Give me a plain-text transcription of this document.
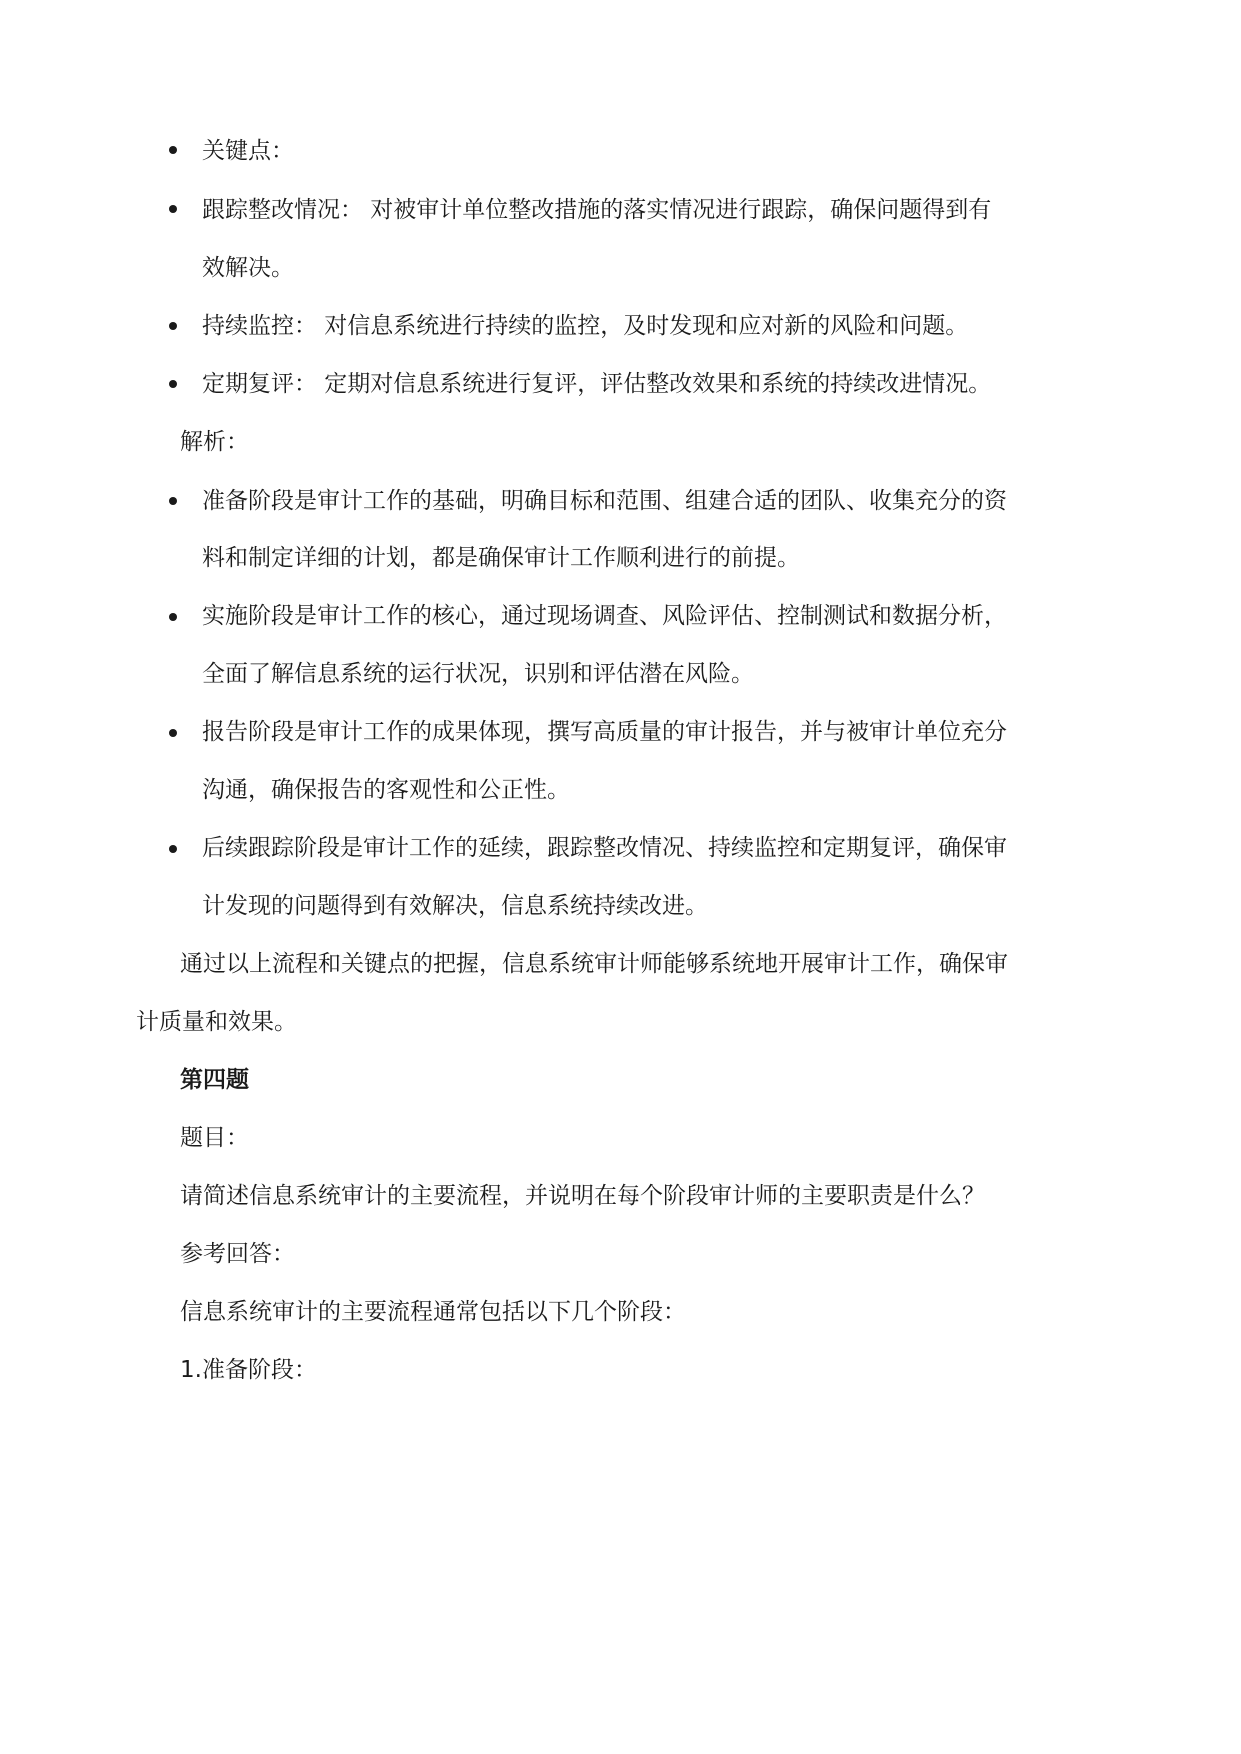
关键点：
跟踪整改情况： 对被审计单位整改措施的落实情况进行跟踪，确保问题得到有
效解决。
持续监控： 对信息系统进行持续的监控，及时发现和应对新的风险和问题。
定期复评： 定期对信息系统进行复评，评估整改效果和系统的持续改进情况。
解析：
准备阶段是审计工作的基础，明确目标和范围、组建合适的团队、收集充分的资
料和制定详细的计划，都是确保审计工作顺利进行的前提。
实施阶段是审计工作的核心，通过现场调查、风险评估、控制测试和数据分析，
全面了解信息系统的运行状况，识别和评估潜在风险。
报告阶段是审计工作的成果体现，撰写高质量的审计报告，并与被审计单位充分
沟通，确保报告的客观性和公正性。
后续跟踪阶段是审计工作的延续，跟踪整改情况、持续监控和定期复评，确保审
计发现的问题得到有效解决，信息系统持续改进。
通过以上流程和关键点的把握，信息系统审计师能够系统地开展审计工作，确保审
计质量和效果。
第四题
题目：
请简述信息系统审计的主要流程，并说明在每个阶段审计师的主要职责是什么？
参考回答：
信息系统审计的主要流程通常包括以下几个阶段：
1.准备阶段：
